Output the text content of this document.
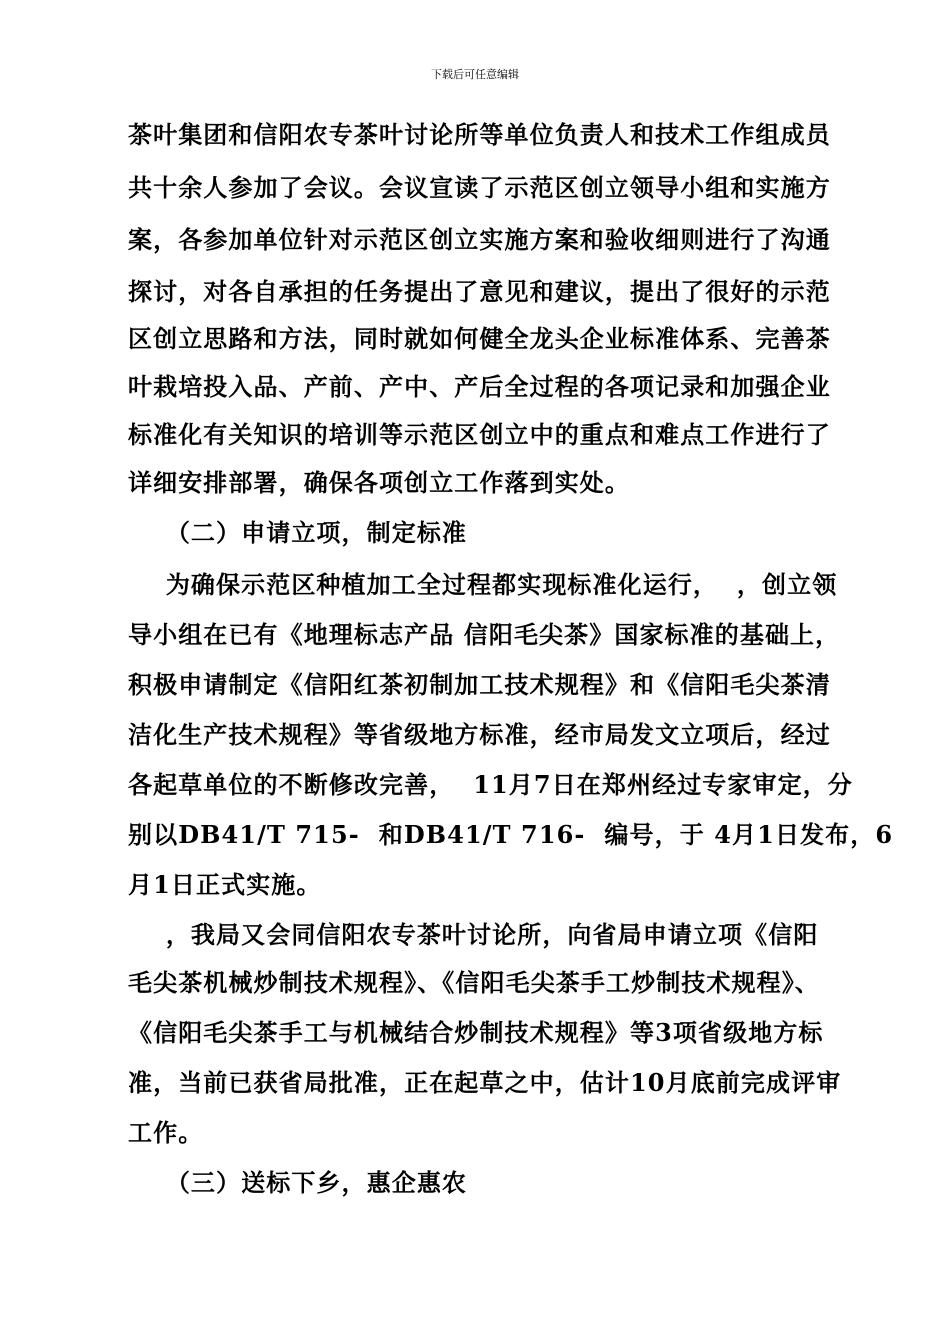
下载后可任意编辑
茶叶集团和信阳农专茶叶讨论所等单位负责人和技术工作组成员
共十余人参加了会议。会议宣读了示范区创立领导小组和实施方
案，各参加单位针对示范区创立实施方案和验收细则进行了沟通
探讨，对各自承担的任务提出了意见和建议，提出了很好的示范
区创立思路和方法，同时就如何健全龙头企业标准体系、完善茶
叶栽培投入品、产前、产中、产后全过程的各项记录和加强企业
标准化有关知识的培训等示范区创立中的重点和难点工作进行了
详细安排部署，确保各项创立工作落到实处。
（二）申请立项，制定标准
为确保示范区种植加工全过程都实现标准化运行，  ，创立领
导小组在已有《地理标志产品 信阳毛尖茶》国家标准的基础上，
积极申请制定《信阳红茶初制加工技术规程》和《信阳毛尖茶清
洁化生产技术规程》等省级地方标准，经市局发文立项后，经过
各起草单位的不断修改完善，  11月7日在郑州经过专家审定，分
别以DB41/T 715-  和DB41/T 716-  编号，于 4月1日发布，6
月1日正式实施。
，我局又会同信阳农专茶叶讨论所，向省局申请立项《信阳
毛尖茶机械炒制技术规程》、《信阳毛尖茶手工炒制技术规程》、
《信阳毛尖茶手工与机械结合炒制技术规程》等3项省级地方标
准，当前已获省局批准，正在起草之中，估计10月底前完成评审
工作。
（三）送标下乡，惠企惠农
